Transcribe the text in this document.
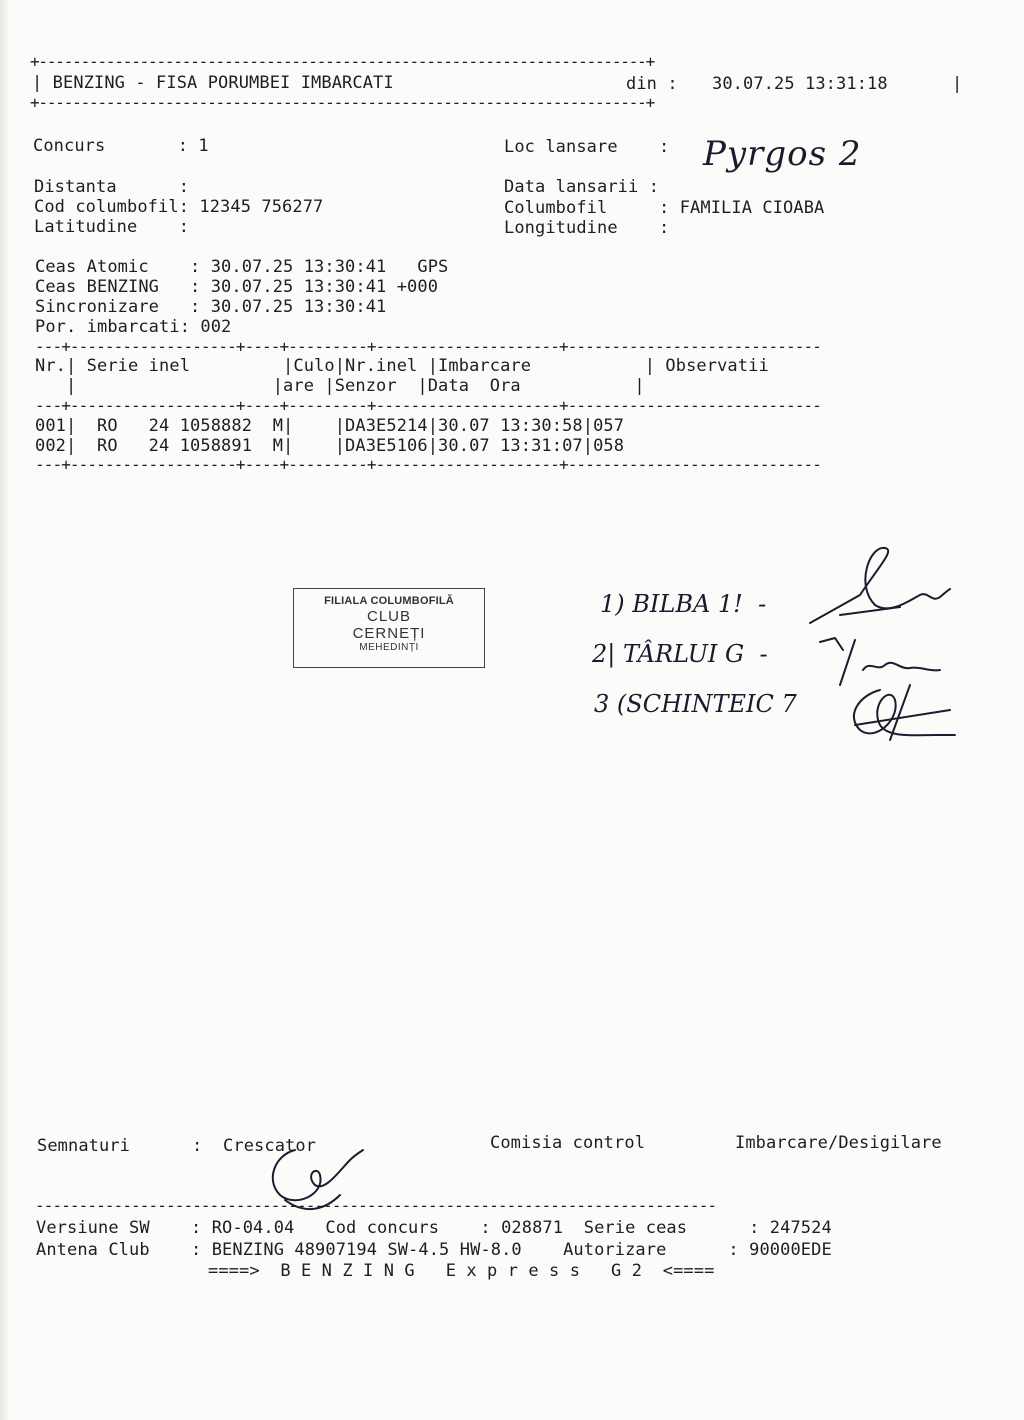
+------------------------------------------------------------------------+
| BENZING - FISA PORUMBEI IMBARCATI	din : 30.07.25 13:31:18	|
+------------------------------------------------------------------------+
Concurs       : 1	Loc lansare    : Pyrgos 2
Distanta      :	Data lansarii :
Cod columbofil: 12345 756277	Columbofil     : FAMILIA CIOABA
Latitudine    :	Longitudine    :
Ceas Atomic    : 30.07.25 13:30:41   GPS
Ceas BENZING   : 30.07.25 13:30:41 +000
Sincronizare   : 30.07.25 13:30:41
Por. imbarcati: 002
---+-------------------+----+---------+---------------------+-----------------------------
Nr.| Serie inel         |Culo|Nr.inel |Imbarcare           | Observatii
|                   |are |Senzor  |Data  Ora           |
---+-------------------+----+---------+---------------------+-----------------------------
001|  RO   24 1058882  M|    |DA3E5214|30.07 13:30:58|057
002|  RO   24 1058891  M|    |DA3E5106|30.07 13:31:07|058
---+-------------------+----+---------+---------------------+-----------------------------
FILIALA COLUMBOFILĂ
CLUB
CERNEȚI
MEHEDINȚI
1) BILBA 1!  -
2| TÂRLUI G  -
3 (SCHINTEIC 7
Semnaturi      :  Crescator	Comisia control	Imbarcare/Desigilare
------------------------------------------------------------------------------
Versiune SW    : RO-04.04   Cod concurs    : 028871  Serie ceas      : 247524
Antena Club    : BENZING 48907194 SW-4.5 HW-8.0    Autorizare      : 90000EDE
====>  B E N Z I N G   E x p r e s s   G 2  <====
